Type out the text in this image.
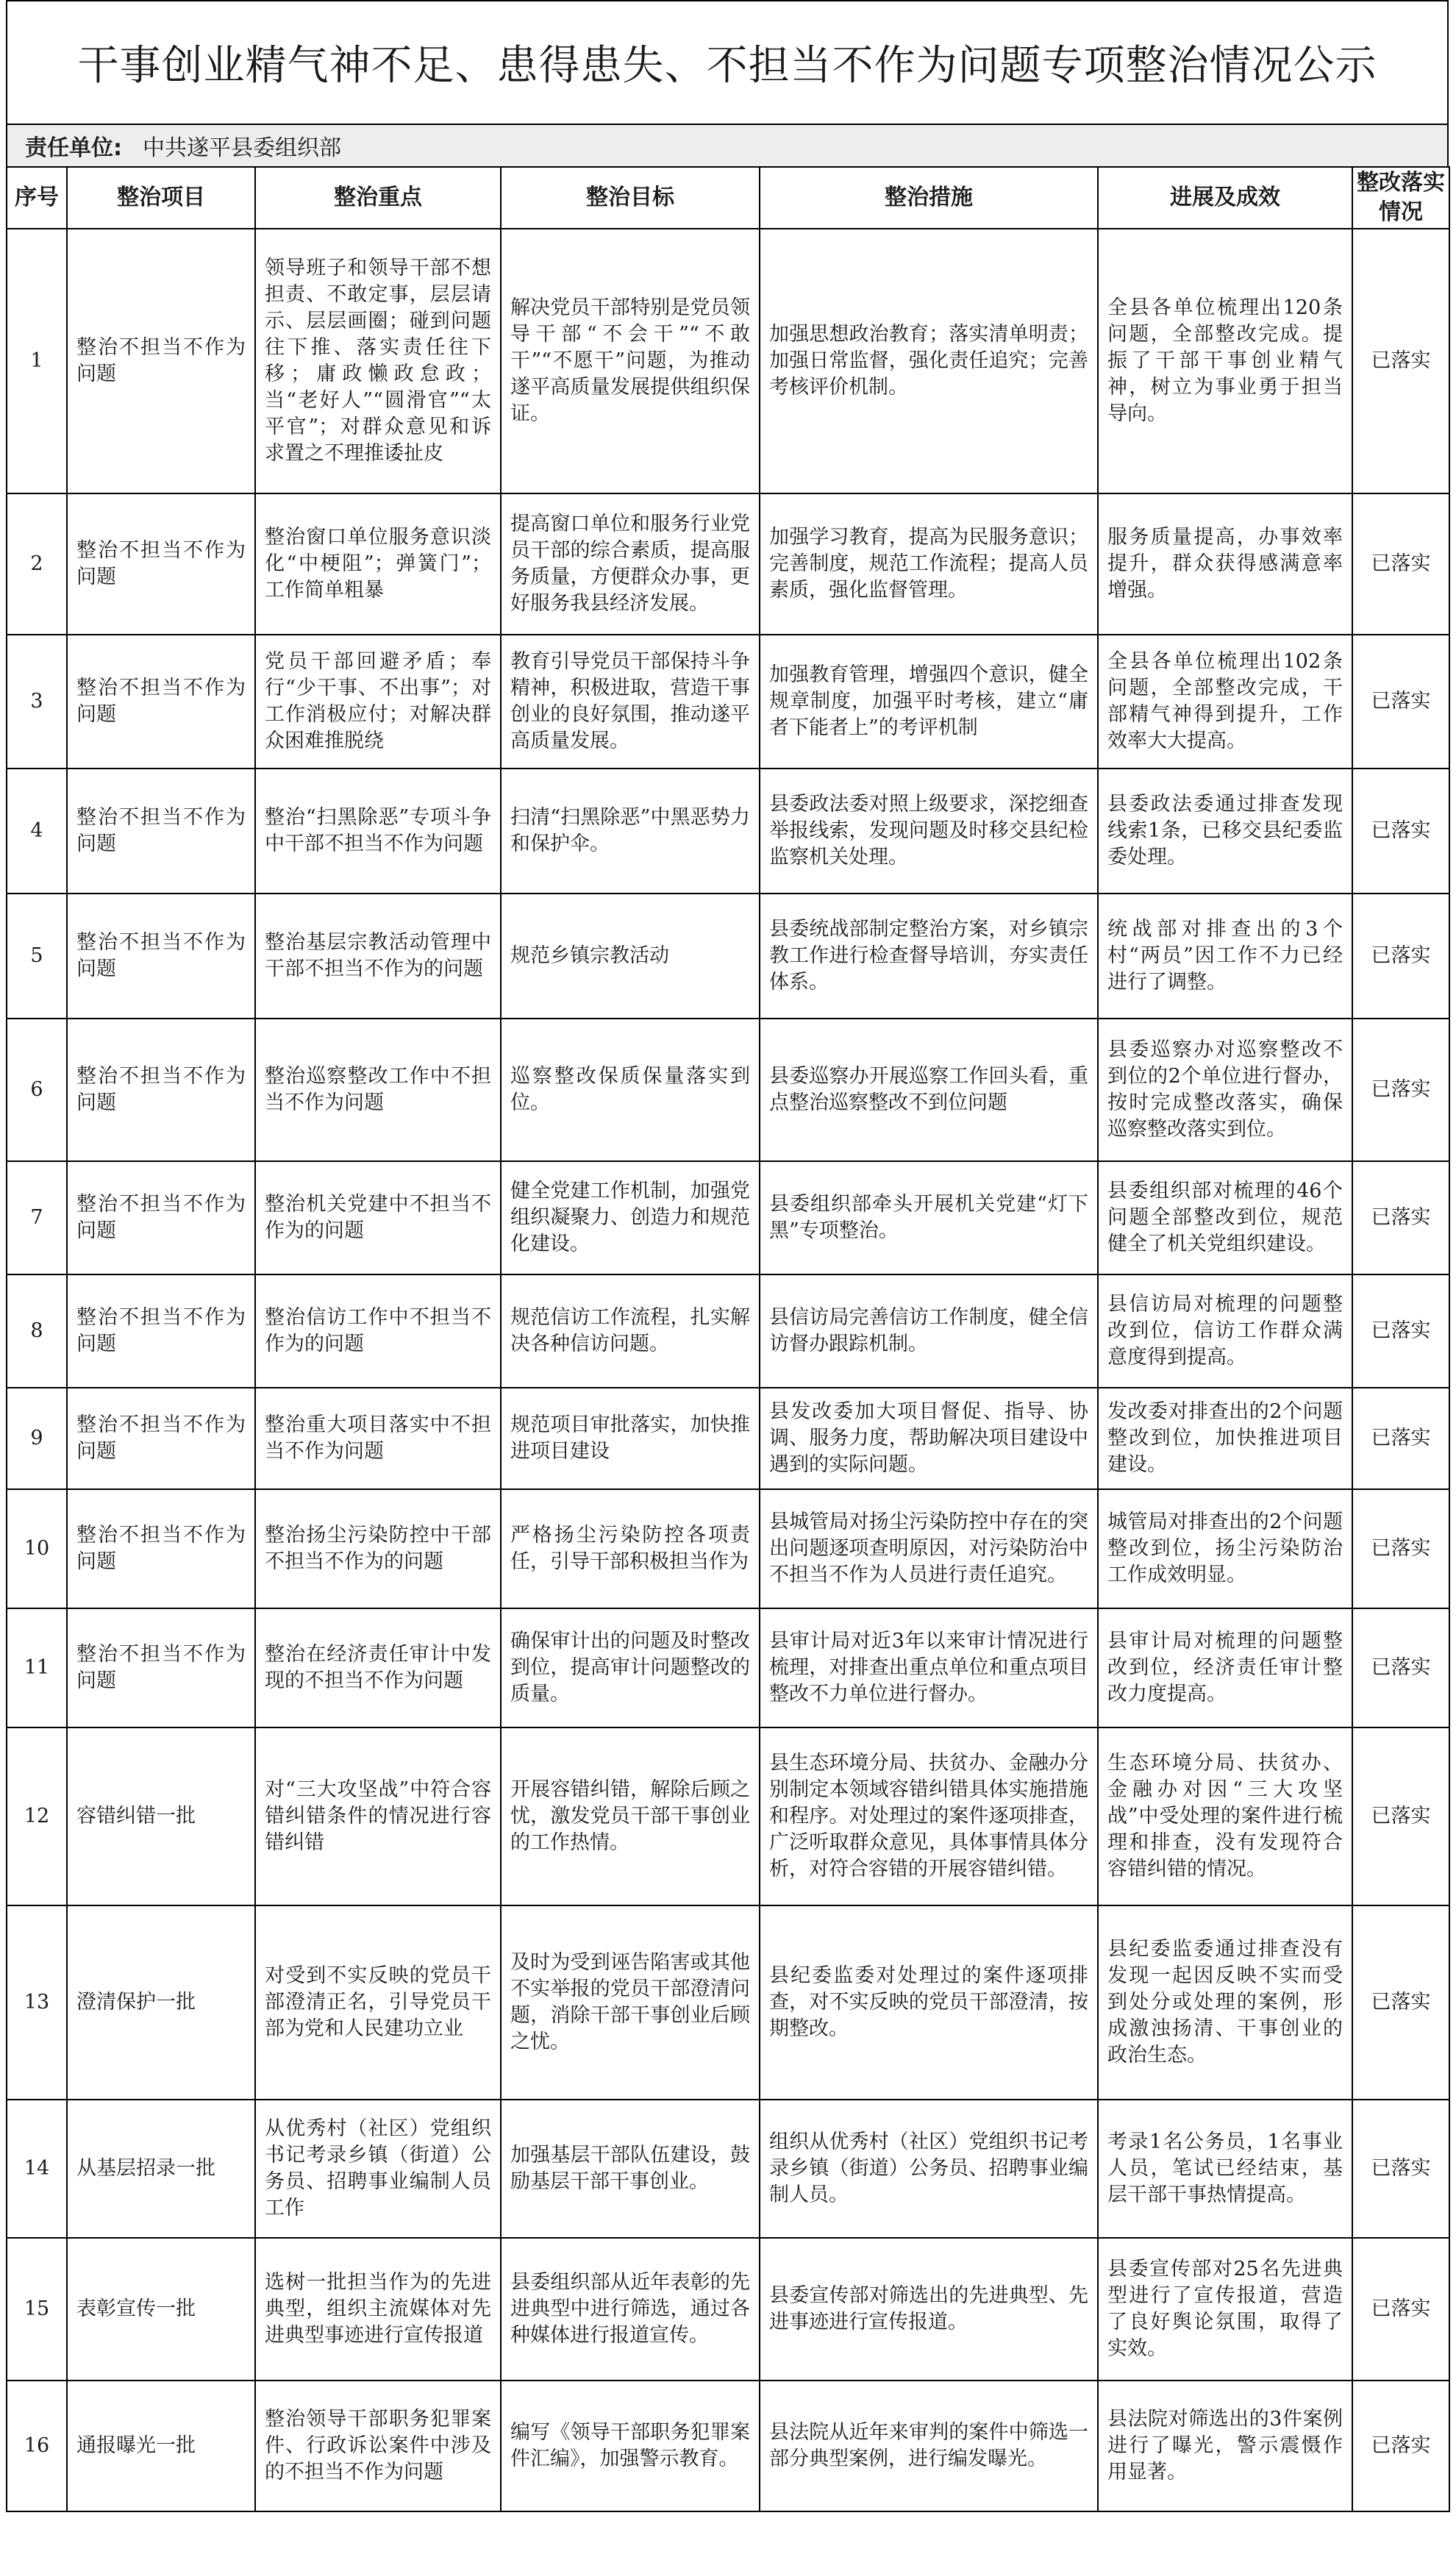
干事创业精气神不足、患得患失、不担当不作为问题专项整治情况公示
责任单位: 中共遂平县委组织部
序号	整治项目	整治重点	整治目标	整治措施	进展及成效	整改落实情况
1	整治不担当不作为问题	领导班子和领导干部不想担责、不敢定事，层层请示、层层画圈；碰到问题往下推、落实责任往下移；庸政懒政怠政；当“老好人”“圆滑官”“太平官”；对群众意见和诉求置之不理推诿扯皮	解决党员干部特别是党员领导干部“不会干”“不敢干”“不愿干”问题，为推动遂平高质量发展提供组织保证。	加强思想政治教育；落实清单明责；加强日常监督，强化责任追究；完善考核评价机制。	全县各单位梳理出120条问题，全部整改完成。提振了干部干事创业精气神，树立为事业勇于担当导向。	已落实
2	整治不担当不作为问题	整治窗口单位服务意识淡化“中梗阻”；弹簧门”；工作简单粗暴	提高窗口单位和服务行业党员干部的综合素质，提高服务质量，方便群众办事，更好服务我县经济发展。	加强学习教育，提高为民服务意识；完善制度，规范工作流程；提高人员素质，强化监督管理。	服务质量提高，办事效率提升，群众获得感满意率增强。	已落实
3	整治不担当不作为问题	党员干部回避矛盾；奉行“少干事、不出事”；对工作消极应付；对解决群众困难推脱绕	教育引导党员干部保持斗争精神，积极进取，营造干事创业的良好氛围，推动遂平高质量发展。	加强教育管理，增强四个意识，健全规章制度，加强平时考核，建立“庸者下能者上”的考评机制	全县各单位梳理出102条问题，全部整改完成，干部精气神得到提升，工作效率大大提高。	已落实
4	整治不担当不作为问题	整治“扫黑除恶”专项斗争中干部不担当不作为问题	扫清“扫黑除恶”中黑恶势力和保护伞。	县委政法委对照上级要求，深挖细查举报线索，发现问题及时移交县纪检监察机关处理。	县委政法委通过排查发现线索1条，已移交县纪委监委处理。	已落实
5	整治不担当不作为问题	整治基层宗教活动管理中干部不担当不作为的问题	规范乡镇宗教活动	县委统战部制定整治方案，对乡镇宗教工作进行检查督导培训，夯实责任体系。	统战部对排查出的3个村“两员”因工作不力已经进行了调整。	已落实
6	整治不担当不作为问题	整治巡察整改工作中不担当不作为问题	巡察整改保质保量落实到位。	县委巡察办开展巡察工作回头看，重点整治巡察整改不到位问题	县委巡察办对巡察整改不到位的2个单位进行督办，按时完成整改落实，确保巡察整改落实到位。	已落实
7	整治不担当不作为问题	整治机关党建中不担当不作为的问题	健全党建工作机制，加强党组织凝聚力、创造力和规范化建设。	县委组织部牵头开展机关党建“灯下黑”专项整治。	县委组织部对梳理的46个问题全部整改到位，规范健全了机关党组织建设。	已落实
8	整治不担当不作为问题	整治信访工作中不担当不作为的问题	规范信访工作流程，扎实解决各种信访问题。	县信访局完善信访工作制度，健全信访督办跟踪机制。	县信访局对梳理的问题整改到位，信访工作群众满意度得到提高。	已落实
9	整治不担当不作为问题	整治重大项目落实中不担当不作为问题	规范项目审批落实，加快推进项目建设	县发改委加大项目督促、指导、协调、服务力度，帮助解决项目建设中遇到的实际问题。	发改委对排查出的2个问题整改到位，加快推进项目建设。	已落实
10	整治不担当不作为问题	整治扬尘污染防控中干部不担当不作为的问题	严格扬尘污染防控各项责任，引导干部积极担当作为	县城管局对扬尘污染防控中存在的突出问题逐项查明原因，对污染防治中不担当不作为人员进行责任追究。	城管局对排查出的2个问题整改到位，扬尘污染防治工作成效明显。	已落实
11	整治不担当不作为问题	整治在经济责任审计中发现的不担当不作为问题	确保审计出的问题及时整改到位，提高审计问题整改的质量。	县审计局对近3年以来审计情况进行梳理，对排查出重点单位和重点项目整改不力单位进行督办。	县审计局对梳理的问题整改到位，经济责任审计整改力度提高。	已落实
12	容错纠错一批	对“三大攻坚战”中符合容错纠错条件的情况进行容错纠错	开展容错纠错，解除后顾之忧，激发党员干部干事创业的工作热情。	县生态环境分局、扶贫办、金融办分别制定本领域容错纠错具体实施措施和程序。对处理过的案件逐项排查，广泛听取群众意见，具体事情具体分析，对符合容错的开展容错纠错。	生态环境分局、扶贫办、金融办对因“三大攻坚战”中受处理的案件进行梳理和排查，没有发现符合容错纠错的情况。	已落实
13	澄清保护一批	对受到不实反映的党员干部澄清正名，引导党员干部为党和人民建功立业	及时为受到诬告陷害或其他不实举报的党员干部澄清问题，消除干部干事创业后顾之忧。	县纪委监委对处理过的案件逐项排查，对不实反映的党员干部澄清，按期整改。	县纪委监委通过排查没有发现一起因反映不实而受到处分或处理的案例，形成激浊扬清、干事创业的政治生态。	已落实
14	从基层招录一批	从优秀村（社区）党组织书记考录乡镇（街道）公务员、招聘事业编制人员工作	加强基层干部队伍建设，鼓励基层干部干事创业。	组织从优秀村（社区）党组织书记考录乡镇（街道）公务员、招聘事业编制人员。	考录1名公务员，1名事业人员，笔试已经结束，基层干部干事热情提高。	已落实
15	表彰宣传一批	选树一批担当作为的先进典型，组织主流媒体对先进典型事迹进行宣传报道	县委组织部从近年表彰的先进典型中进行筛选，通过各种媒体进行报道宣传。	县委宣传部对筛选出的先进典型、先进事迹进行宣传报道。	县委宣传部对25名先进典型进行了宣传报道，营造了良好舆论氛围，取得了实效。	已落实
16	通报曝光一批	整治领导干部职务犯罪案件、行政诉讼案件中涉及的不担当不作为问题	编写《领导干部职务犯罪案件汇编》，加强警示教育。	县法院从近年来审判的案件中筛选一部分典型案例，进行编发曝光。	县法院对筛选出的3件案例进行了曝光，警示震慑作用显著。	已落实
